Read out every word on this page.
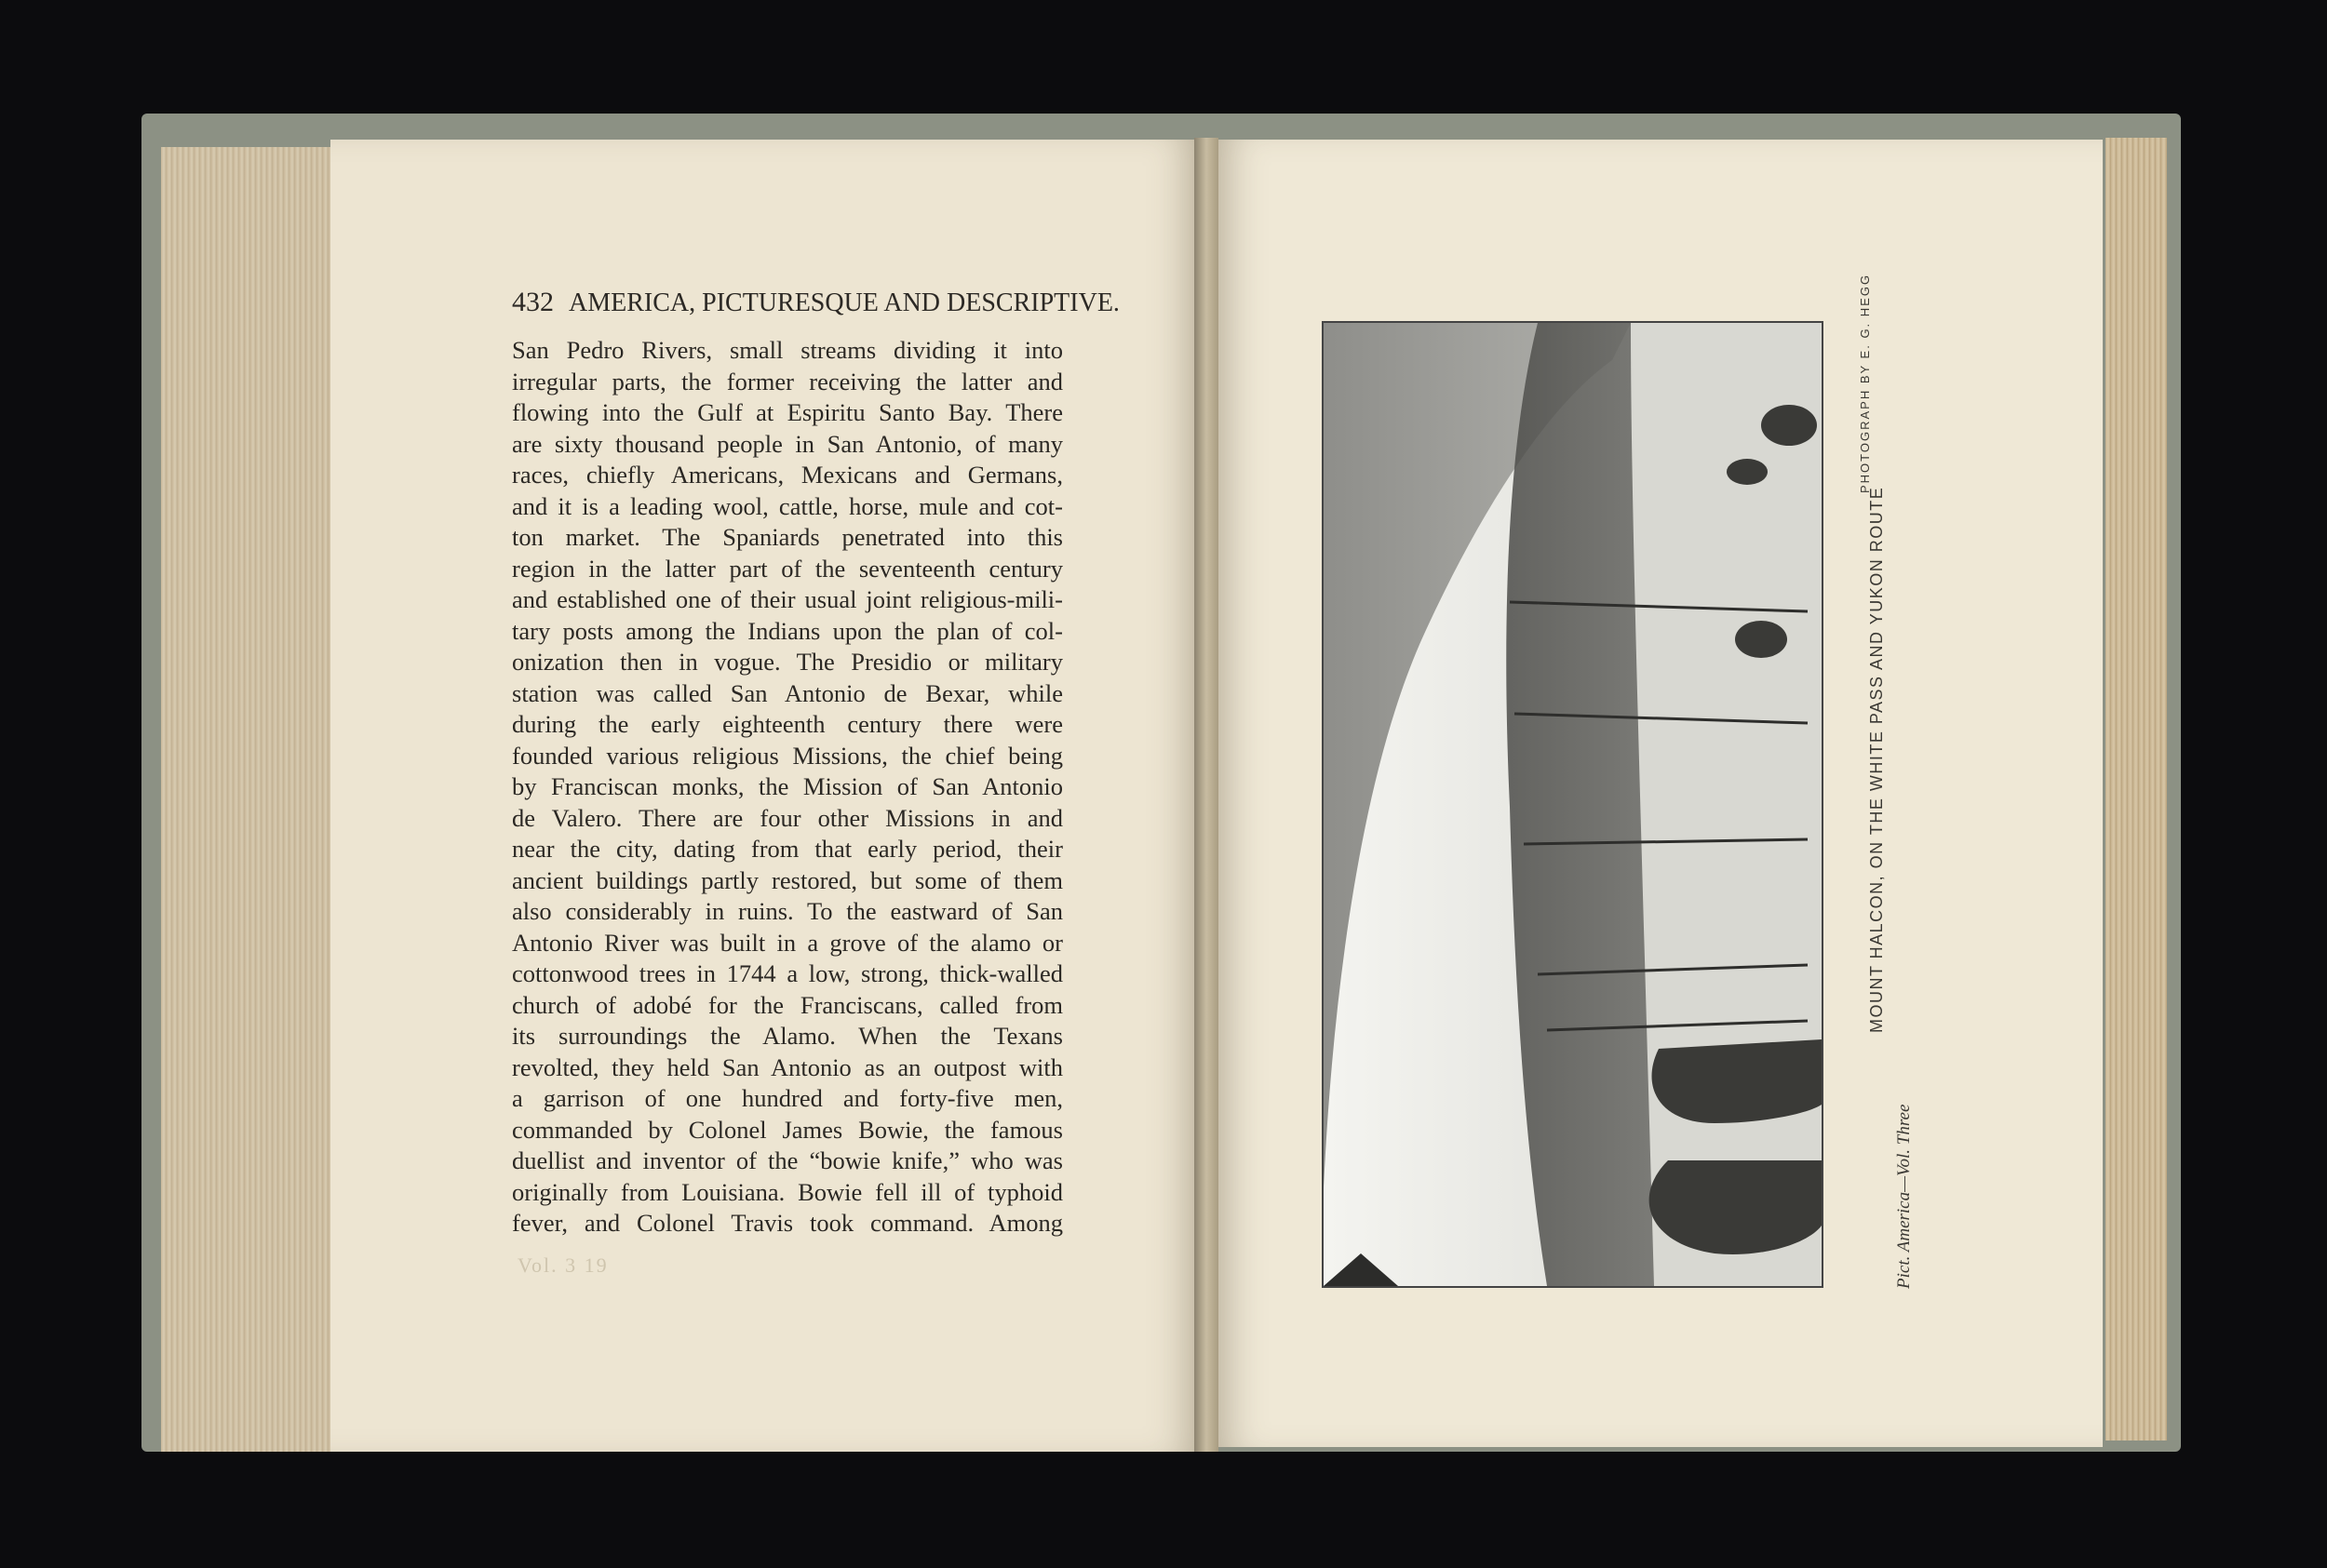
432 AMERICA, PICTURESQUE AND DESCRIPTIVE.
San Pedro Rivers, small streams dividing it into
irregular parts, the former receiving the latter and
flowing into the Gulf at Espiritu Santo Bay. There
are sixty thousand people in San Antonio, of many
races, chiefly Americans, Mexicans and Germans,
and it is a leading wool, cattle, horse, mule and cot-
ton market. The Spaniards penetrated into this
region in the latter part of the seventeenth century
and established one of their usual joint religious-mili-
tary posts among the Indians upon the plan of col-
onization then in vogue. The Presidio or military
station was called San Antonio de Bexar, while
during the early eighteenth century there were
founded various religious Missions, the chief being
by Franciscan monks, the Mission of San Antonio
de Valero. There are four other Missions in and
near the city, dating from that early period, their
ancient buildings partly restored, but some of them
also considerably in ruins. To the eastward of San
Antonio River was built in a grove of the alamo or
cottonwood trees in 1744 a low, strong, thick-walled
church of adobé for the Franciscans, called from
its surroundings the Alamo. When the Texans
revolted, they held San Antonio as an outpost with
a garrison of one hundred and forty-five men,
commanded by Colonel James Bowie, the famous
duellist and inventor of the “bowie knife,” who was
originally from Louisiana. Bowie fell ill of typhoid
fever, and Colonel Travis took command. Among
Vol. 3 19
PHOTOGRAPH BY E. G. HEGG
MOUNT HALCON, ON THE WHITE PASS AND YUKON ROUTE
Pict. America—Vol. Three
